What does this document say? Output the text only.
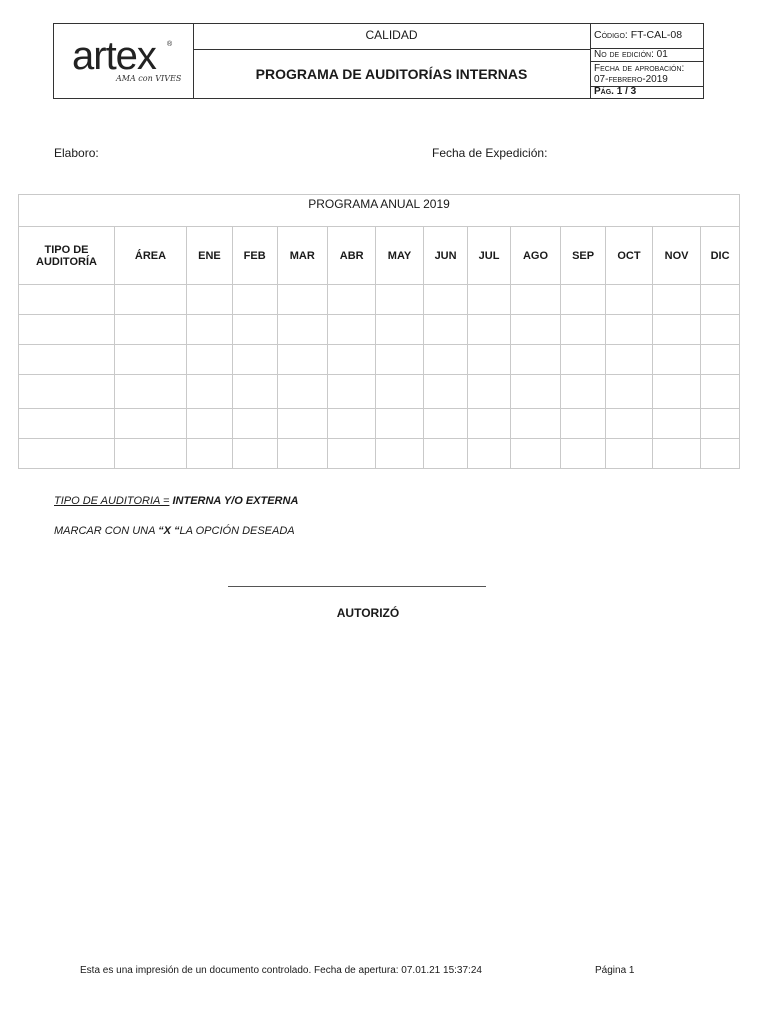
artex ®
AMA con VIVES
CALIDAD
PROGRAMA DE AUDITORÍAS INTERNAS
Código: FT-CAL-08
No de edición: 01
Fecha de aprobación:
07-febrero-2019
Pág. 1 / 3
Elaboro:	Fecha de Expedición:
PROGRAMA ANUAL 2019													
TIPO DE AUDITORÍA	ÁREA	ENE	FEB	MAR	ABR	MAY	JUN	JUL	AGO	SEP	OCT	NOV	DIC

TIPO DE AUDITORIA = INTERNA Y/O EXTERNA
MARCAR CON UNA “X “LA OPCIÓN DESEADA
AUTORIZÓ
Esta es una impresión de un documento controlado. Fecha de apertura: 07.01.21 15:37:24	Página 1
